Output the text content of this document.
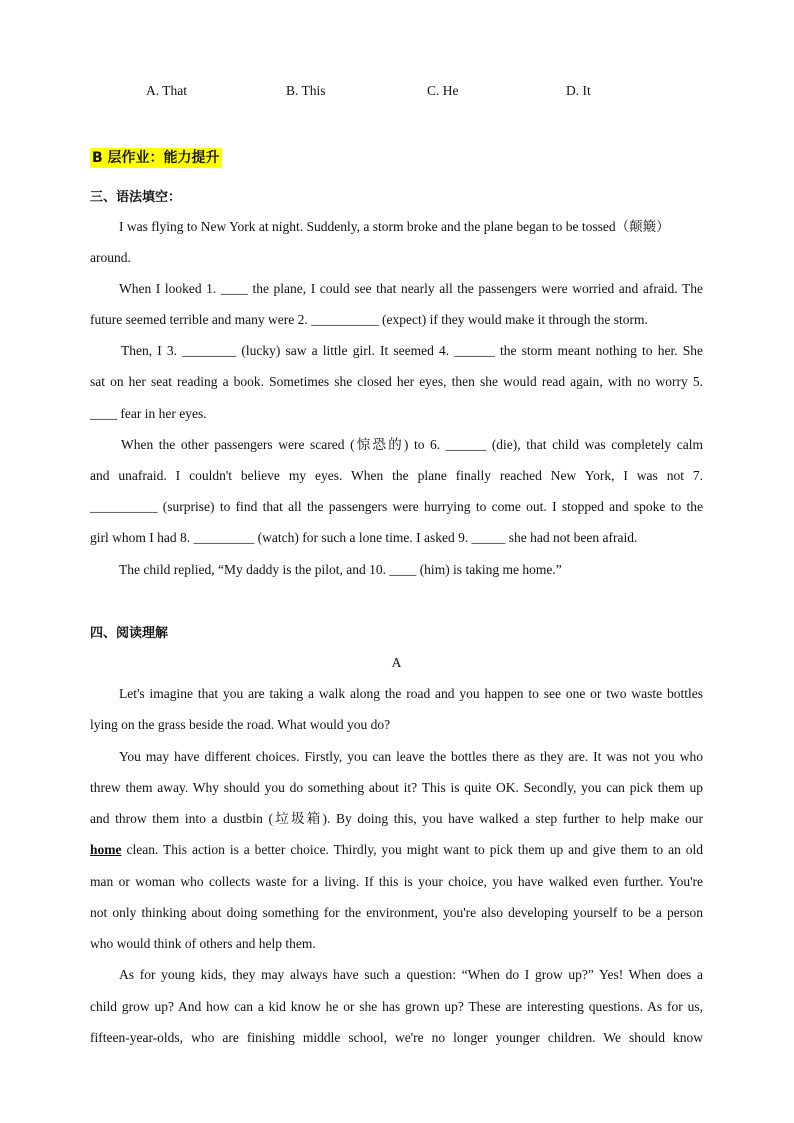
A. That	B. This	C. He	D. It
B 层作业：能力提升
三、语法填空：
I was flying to New York at night. Suddenly, a storm broke and the plane began to be tossed（颠簸）
around.
When I looked 1. ____ the plane, I could see that nearly all the passengers were worried and afraid. The
future seemed terrible and many were 2. __________ (expect) if they would make it through the storm.
Then, I 3. ________ (lucky) saw a little girl. It seemed 4. ______ the storm meant nothing to her. She
sat on her seat reading a book. Sometimes she closed her eyes, then she would read again, with no worry 5.
____ fear in her eyes.
When the other passengers were scared (惊恐的) to 6. ______ (die), that child was completely calm
and unafraid. I couldn't believe my eyes. When the plane finally reached New York, I was not 7.
__________ (surprise) to find that all the passengers were hurrying to come out. I stopped and spoke to the
girl whom I had 8. _________ (watch) for such a lone time. I asked 9. _____ she had not been afraid.
The child replied, “My daddy is the pilot, and 10. ____ (him) is taking me home.”
四、阅读理解
A
Let's imagine that you are taking a walk along the road and you happen to see one or two waste bottles
lying on the grass beside the road. What would you do?
You may have different choices. Firstly, you can leave the bottles there as they are. It was not you who
threw them away. Why should you do something about it? This is quite OK. Secondly, you can pick them up
and throw them into a dustbin (垃圾箱). By doing this, you have walked a step further to help make our
home clean. This action is a better choice. Thirdly, you might want to pick them up and give them to an old
man or woman who collects waste for a living. If this is your choice, you have walked even further. You're
not only thinking about doing something for the environment, you're also developing yourself to be a person
who would think of others and help them.
As for young kids, they may always have such a question: “When do I grow up?” Yes! When does a
child grow up? And how can a kid know he or she has grown up? These are interesting questions. As for us,
fifteen-year-olds, who are finishing middle school, we're no longer younger children. We should know
